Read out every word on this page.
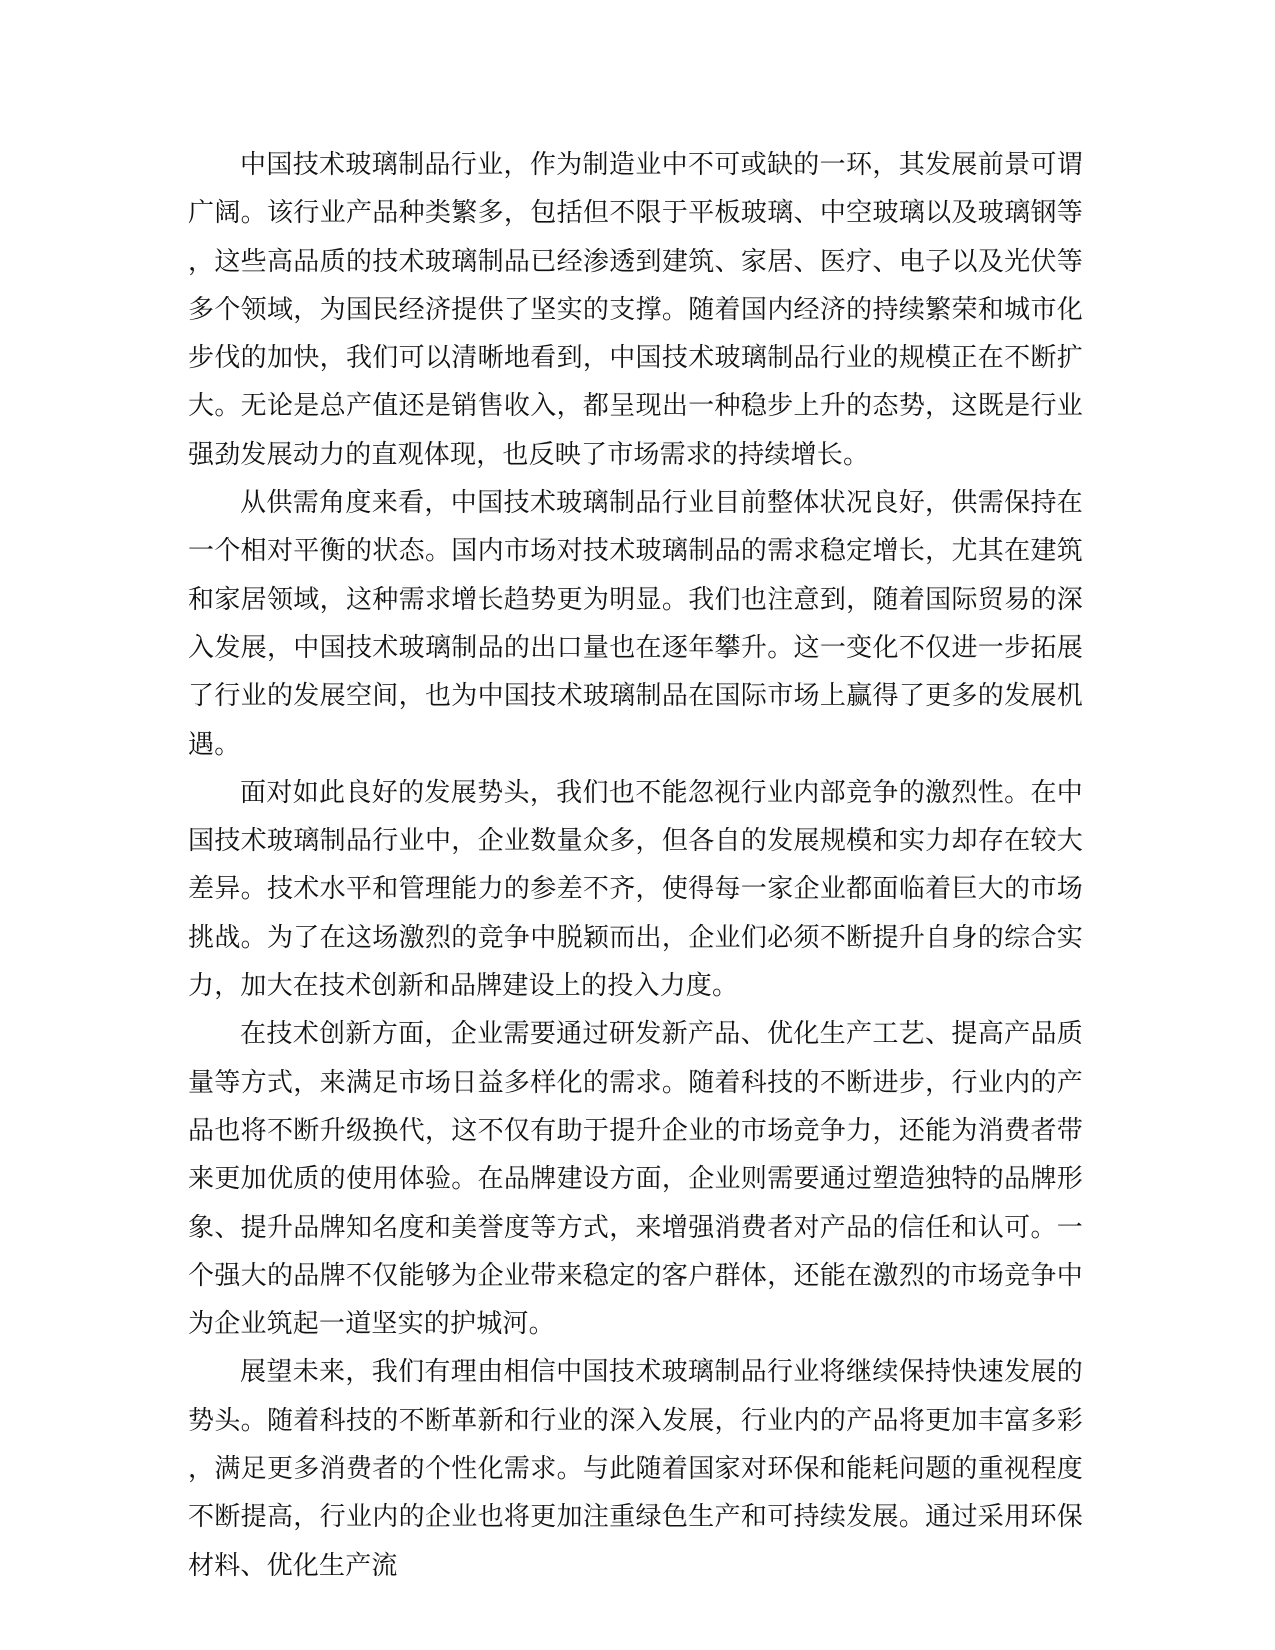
中国技术玻璃制品行业，作为制造业中不可或缺的一环，其发展前景可谓广阔。该行业产品种类繁多，包括但不限于平板玻璃、中空玻璃以及玻璃钢等，这些高品质的技术玻璃制品已经渗透到建筑、家居、医疗、电子以及光伏等多个领域，为国民经济提供了坚实的支撑。随着国内经济的持续繁荣和城市化步伐的加快，我们可以清晰地看到，中国技术玻璃制品行业的规模正在不断扩大。无论是总产值还是销售收入，都呈现出一种稳步上升的态势，这既是行业强劲发展动力的直观体现，也反映了市场需求的持续增长。

从供需角度来看，中国技术玻璃制品行业目前整体状况良好，供需保持在一个相对平衡的状态。国内市场对技术玻璃制品的需求稳定增长，尤其在建筑和家居领域，这种需求增长趋势更为明显。我们也注意到，随着国际贸易的深入发展，中国技术玻璃制品的出口量也在逐年攀升。这一变化不仅进一步拓展了行业的发展空间，也为中国技术玻璃制品在国际市场上赢得了更多的发展机遇。

面对如此良好的发展势头，我们也不能忽视行业内部竞争的激烈性。在中国技术玻璃制品行业中，企业数量众多，但各自的发展规模和实力却存在较大差异。技术水平和管理能力的参差不齐，使得每一家企业都面临着巨大的市场挑战。为了在这场激烈的竞争中脱颖而出，企业们必须不断提升自身的综合实力，加大在技术创新和品牌建设上的投入力度。

在技术创新方面，企业需要通过研发新产品、优化生产工艺、提高产品质量等方式，来满足市场日益多样化的需求。随着科技的不断进步，行业内的产品也将不断升级换代，这不仅有助于提升企业的市场竞争力，还能为消费者带来更加优质的使用体验。在品牌建设方面，企业则需要通过塑造独特的品牌形象、提升品牌知名度和美誉度等方式，来增强消费者对产品的信任和认可。一个强大的品牌不仅能够为企业带来稳定的客户群体，还能在激烈的市场竞争中为企业筑起一道坚实的护城河。

展望未来，我们有理由相信中国技术玻璃制品行业将继续保持快速发展的势头。随着科技的不断革新和行业的深入发展，行业内的产品将更加丰富多彩，满足更多消费者的个性化需求。与此随着国家对环保和能耗问题的重视程度不断提高，行业内的企业也将更加注重绿色生产和可持续发展。通过采用环保材料、优化生产流
